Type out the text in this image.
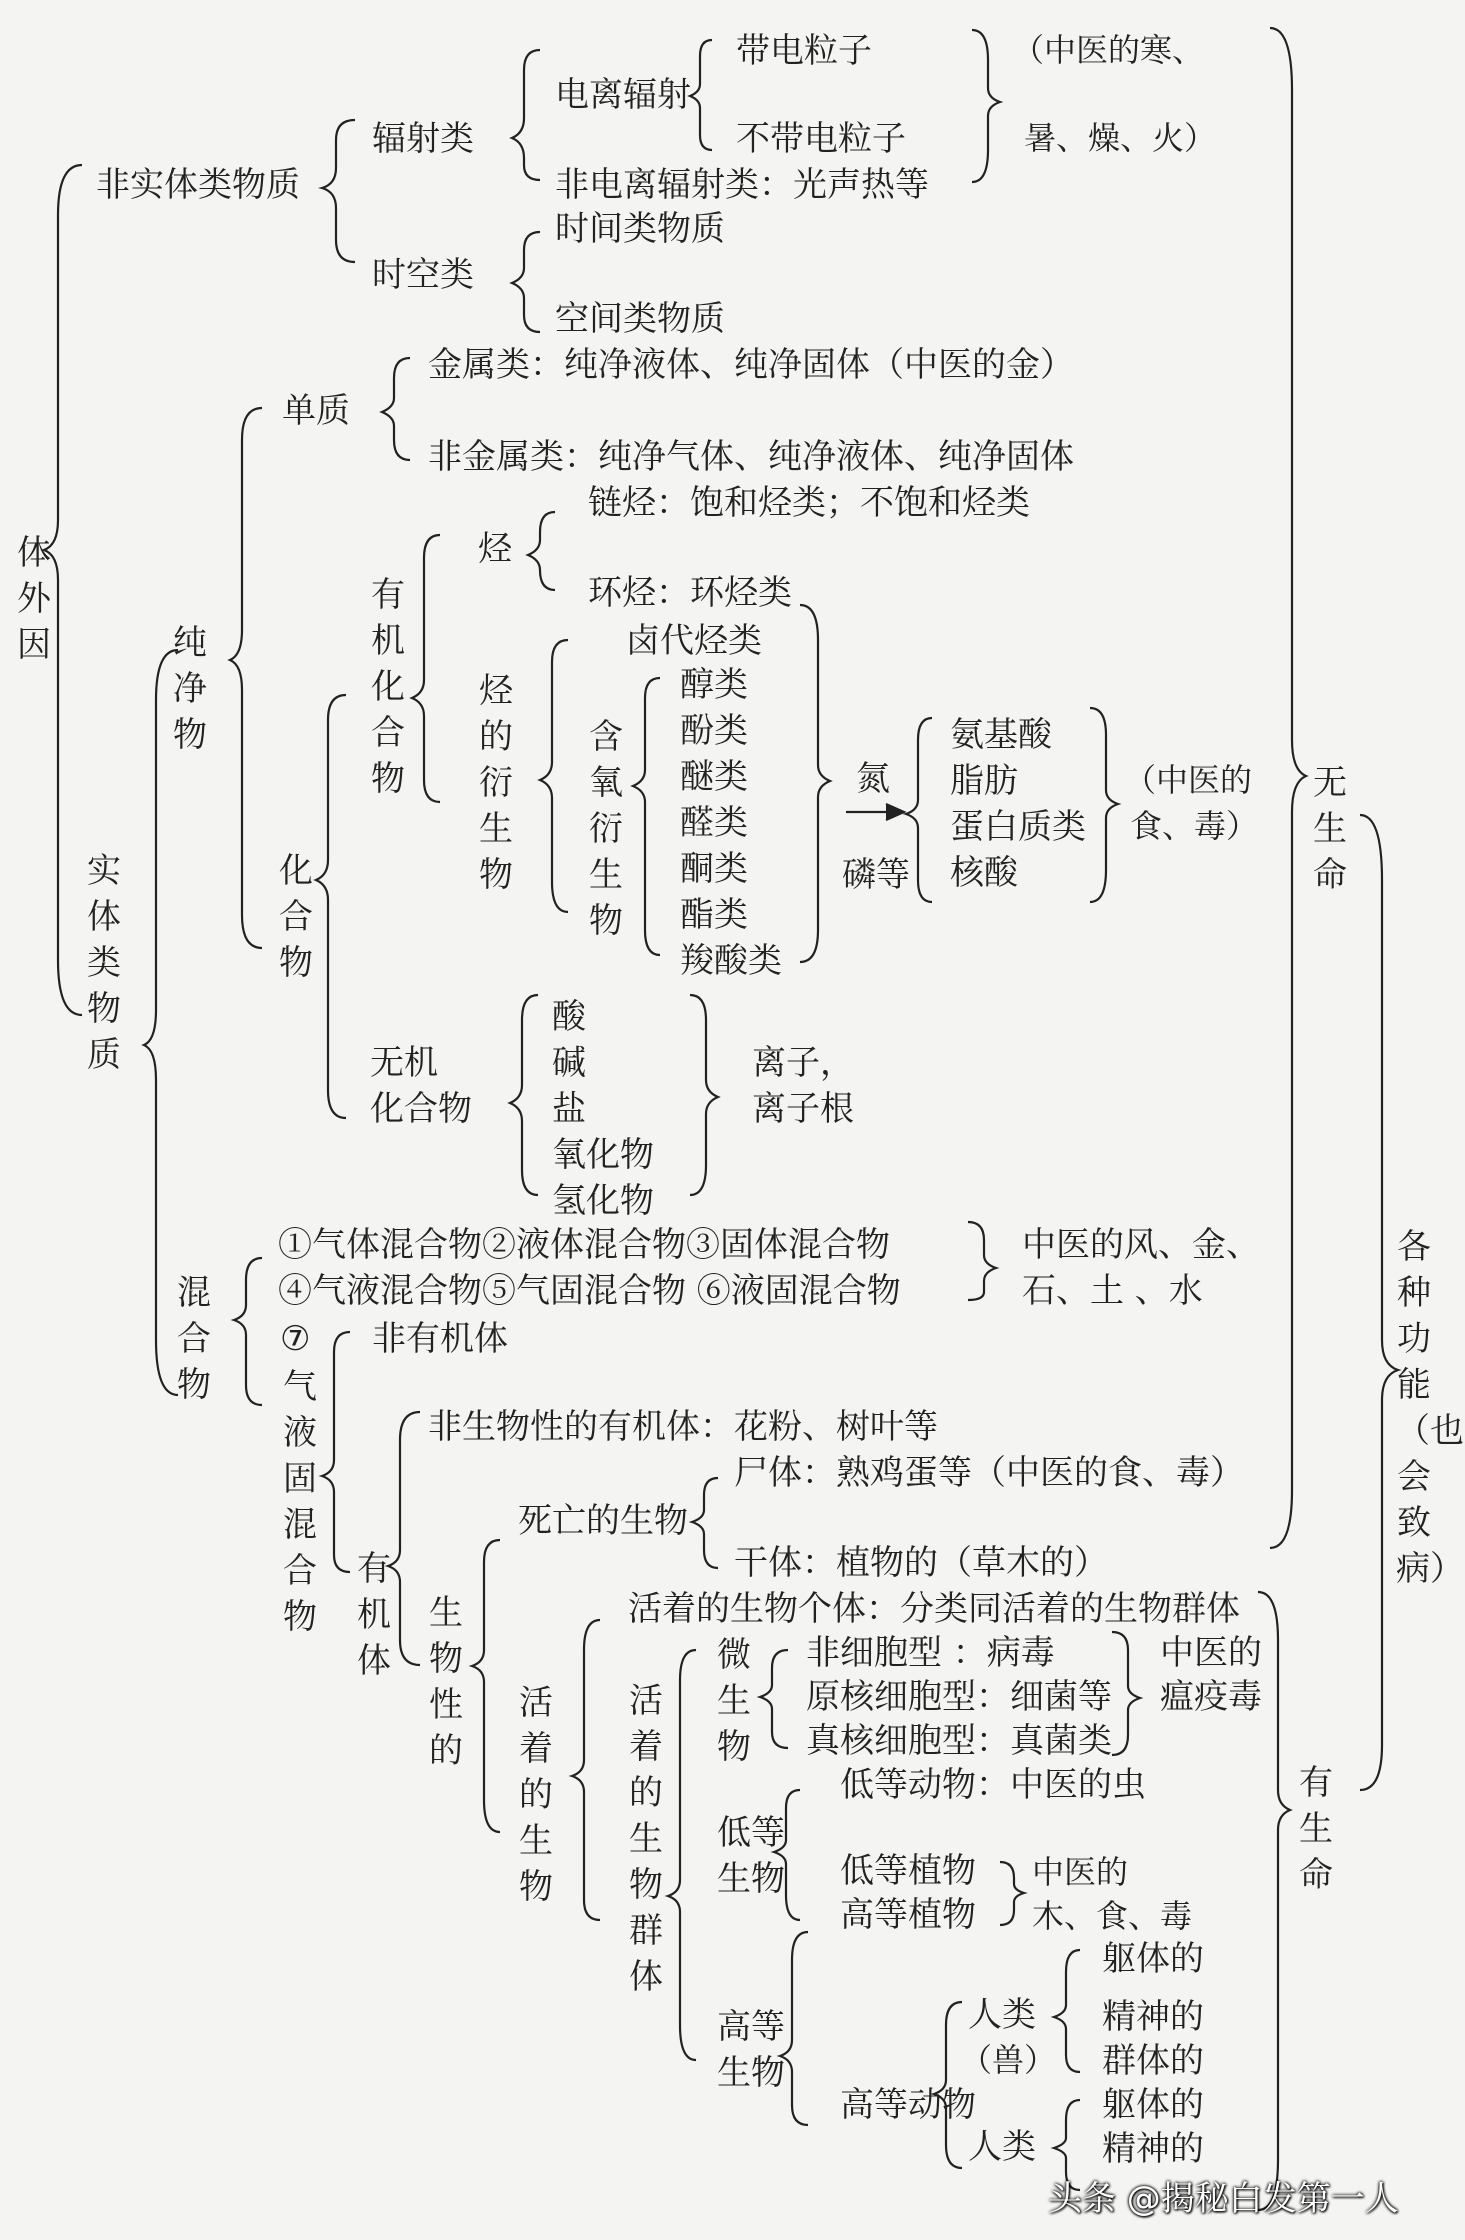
体外因
非实体类物质
辐射类
电离辐射
带电粒子
不带电粒子
非电离辐射类：光声热等
（中医的寒、
暑、燥、火）
时空类
时间类物质
空间类物质
实体类物质
纯净物
单质
金属类：纯净液体、纯净固体（中医的金）
非金属类：纯净气体、纯净液体、纯净固体
化合物
有机化合物
烃
链烃：饱和烃类；不饱和烃类
环烃：环烃类
烃的衍生物
卤代烃类
含氧衍生物
醇类
酚类
醚类
醛类
酮类
酯类
羧酸类
氮
磷等
氨基酸
脂肪
蛋白质类
核酸
（中医的
食、毒）
无机
化合物
酸
碱
盐
氧化物
氢化物
离子，
离子根
混合物
①气体混合物②液体混合物③固体混合物
④气液混合物⑤气固混合物 ⑥液固混合物
中医的风、金、
石、土 、水
⑦
气液固混合物
非有机体
有机体
非生物性的有机体：花粉、树叶等
生物性的
死亡的生物
尸体：熟鸡蛋等（中医的食、毒）
干体：植物的（草木的）
活着的生物
活着的生物个体：分类同活着的生物群体
活着的生物群体
微生物
非细胞型 ：病毒
原核细胞型：细菌等
真核细胞型：真菌类
中医的
瘟疫毒
低等生物
低等动物：中医的虫
低等植物
高等植物
中医的
木、食、毒
高等生物
高等动物
人类
（兽）
躯体的
精神的
群体的
人类
躯体的
精神的
无生命
有生命
各种功能（也会致病）
头条 @揭秘白发第一人
